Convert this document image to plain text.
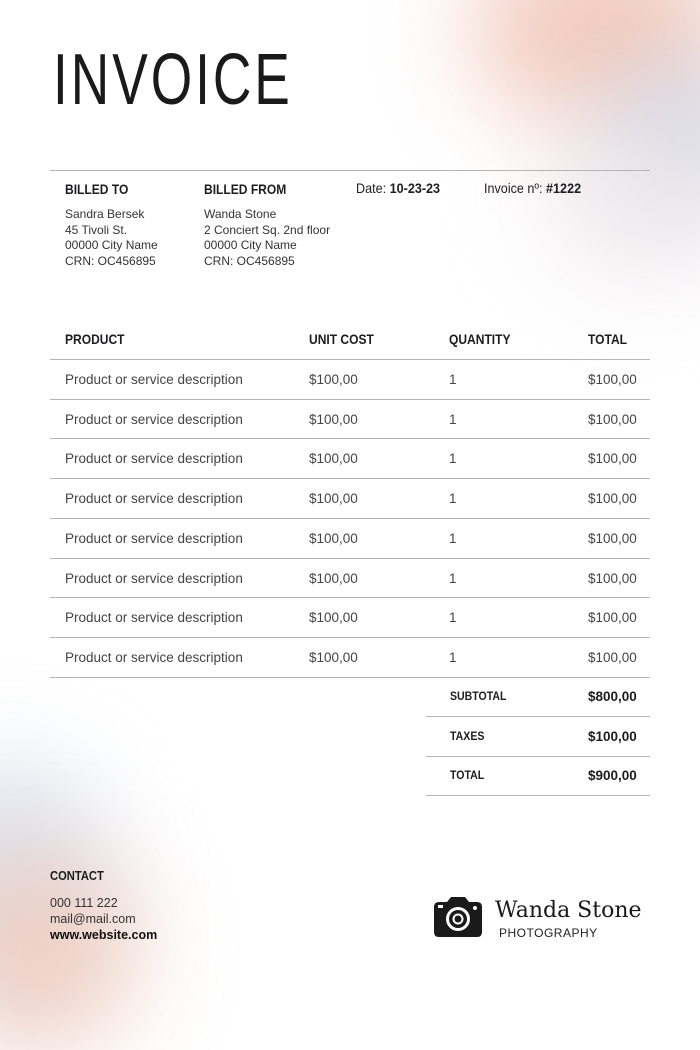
INVOICE
BILLED TO
Sandra Bersek
45 Tivoli St.
00000 City Name
CRN: OC456895
BILLED FROM
Wanda Stone
2 Conciert Sq. 2nd floor
00000 City Name
CRN: OC456895
Date: 10-23-23	Invoice nº: #1222
PRODUCT	UNIT COST	QUANTITY	TOTAL
Product or service description	$100,00	1	$100,00
Product or service description	$100,00	1	$100,00
Product or service description	$100,00	1	$100,00
Product or service description	$100,00	1	$100,00
Product or service description	$100,00	1	$100,00
Product or service description	$100,00	1	$100,00
Product or service description	$100,00	1	$100,00
Product or service description	$100,00	1	$100,00
SUBTOTAL	$800,00
TAXES	$100,00
TOTAL	$900,00
CONTACT
000 111 222
mail@mail.com
www.website.com
Wanda Stone
PHOTOGRAPHY
